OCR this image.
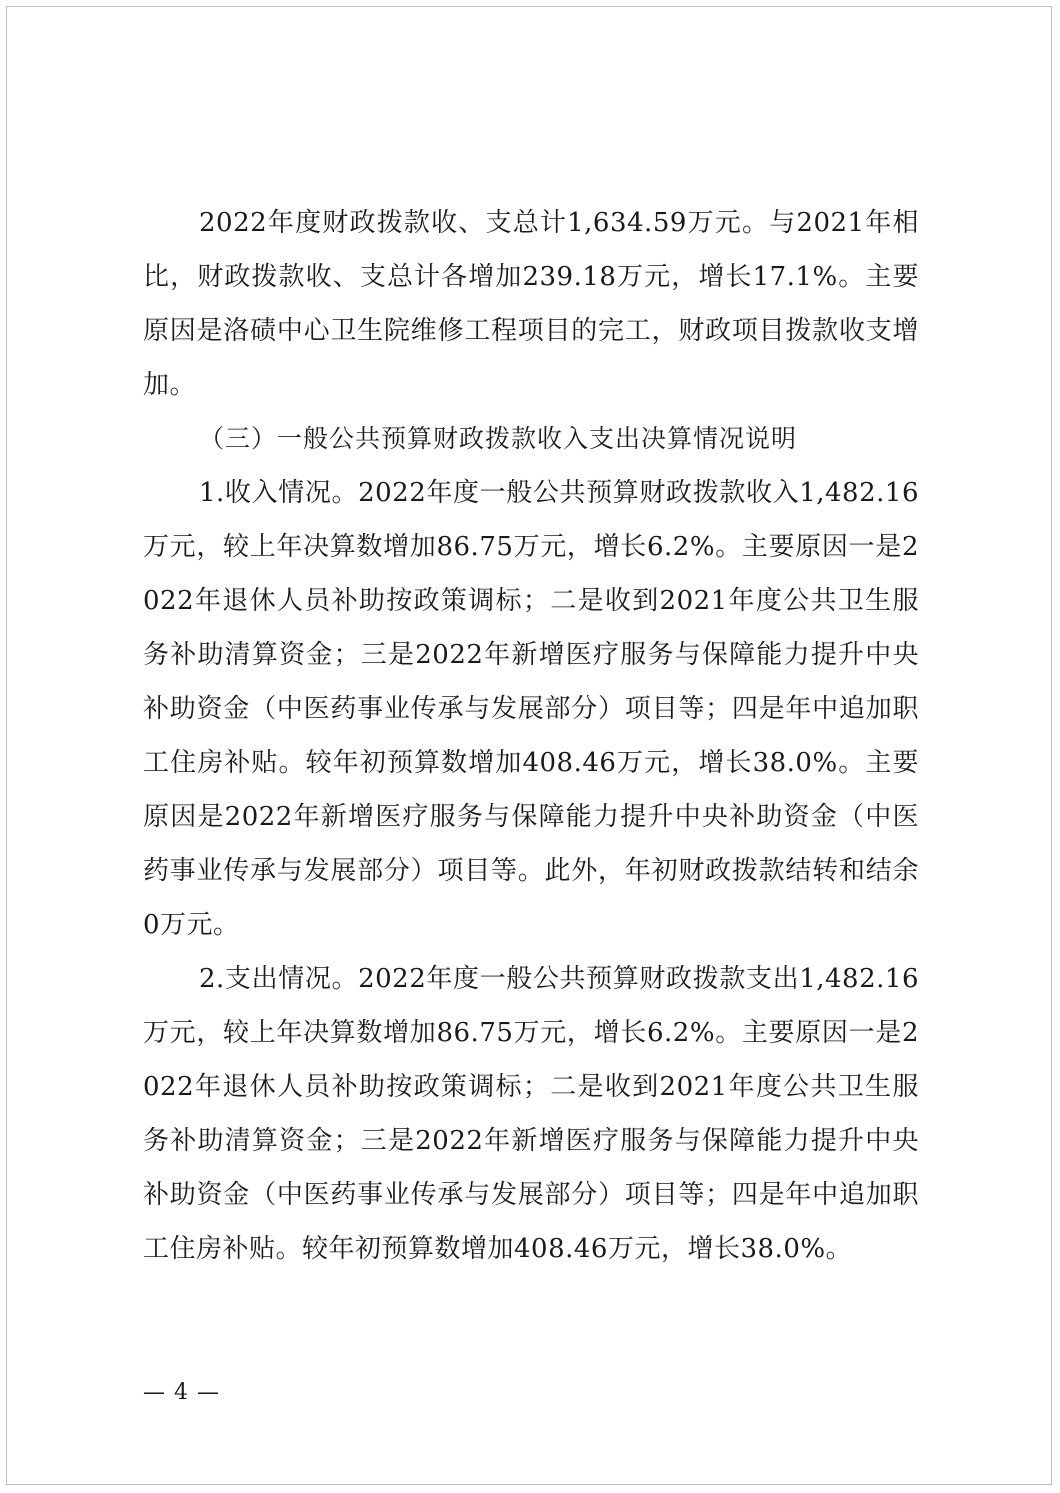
2022年度财政拨款收、支总计1,634.59万元。与2021年相比，财政拨款收、支总计各增加239.18万元，增长17.1%。主要原因是洛碛中心卫生院维修工程项目的完工，财政项目拨款收支增加。

（三）一般公共预算财政拨款收入支出决算情况说明

1.收入情况。2022年度一般公共预算财政拨款收入1,482.16万元，较上年决算数增加86.75万元，增长6.2%。主要原因一是2022年退休人员补助按政策调标；二是收到2021年度公共卫生服务补助清算资金；三是2022年新增医疗服务与保障能力提升中央补助资金（中医药事业传承与发展部分）项目等；四是年中追加职工住房补贴。较年初预算数增加408.46万元，增长38.0%。主要原因是2022年新增医疗服务与保障能力提升中央补助资金（中医药事业传承与发展部分）项目等。此外，年初财政拨款结转和结余0万元。

2.支出情况。2022年度一般公共预算财政拨款支出1,482.16万元，较上年决算数增加86.75万元，增长6.2%。主要原因一是2022年退休人员补助按政策调标；二是收到2021年度公共卫生服务补助清算资金；三是2022年新增医疗服务与保障能力提升中央补助资金（中医药事业传承与发展部分）项目等；四是年中追加职工住房补贴。较年初预算数增加408.46万元，增长38.0%。

— 4 —
